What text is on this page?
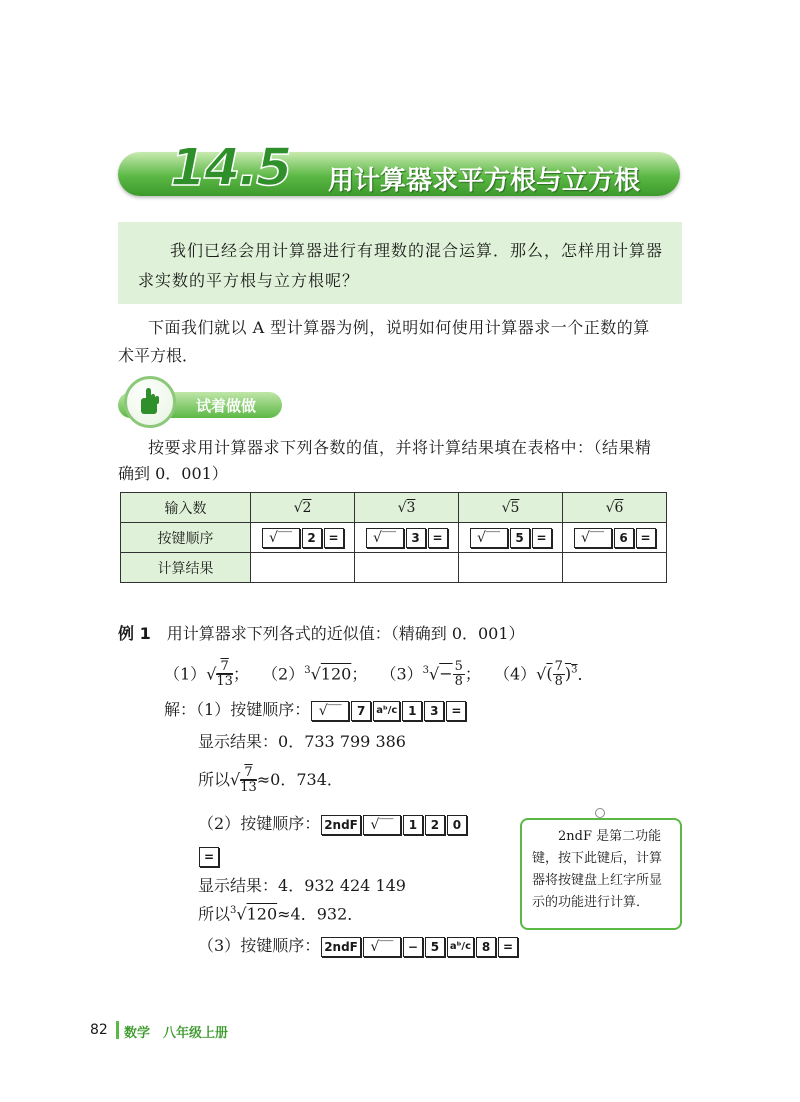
14.5 用计算器求平方根与立方根
我们已经会用计算器进行有理数的混合运算．那么，怎样用计算器求实数的平方根与立方根呢？
下面我们就以 A 型计算器为例，说明如何使用计算器求一个正数的算
术平方根．
试着做做
按要求用计算器求下列各数的值，并将计算结果填在表格中：（结果精
确到 0．001）
输入数	√2	√3	√5	√6
按键顺序	√‾‾ 2 =	√‾‾ 3 =	√‾‾ 5 =	√‾‾ 6 =
计算结果				
例 1　 用计算器求下列各式的近似值：（精确到 0．001）
$(1)√ \frac{7}{13}$ ；　 $(2)^3√120$；　 $(3)^3√- \frac{5}{8}$ ；　 $(4)√( \frac{7}{8} )^3$．
解：（1）按键顺序： √‾‾ 7 aᵇ/c 1 3 =
显示结果：0．733 799 386
所以√ $\frac{7}{13} \approx 0$．734．
（2）按键顺序： 2ndF √‾‾ 1 2 0
=
显示结果：4．932 424 149
所以$^3$√120≈4．932．
（3）按键顺序： 2ndF √‾‾ − 5 aᵇ/c 8 =
2ndF 是第二功能键，按下此键后，计算器将按键盘上红字所显示的功能进行计算．
82 数学　八年级上册
